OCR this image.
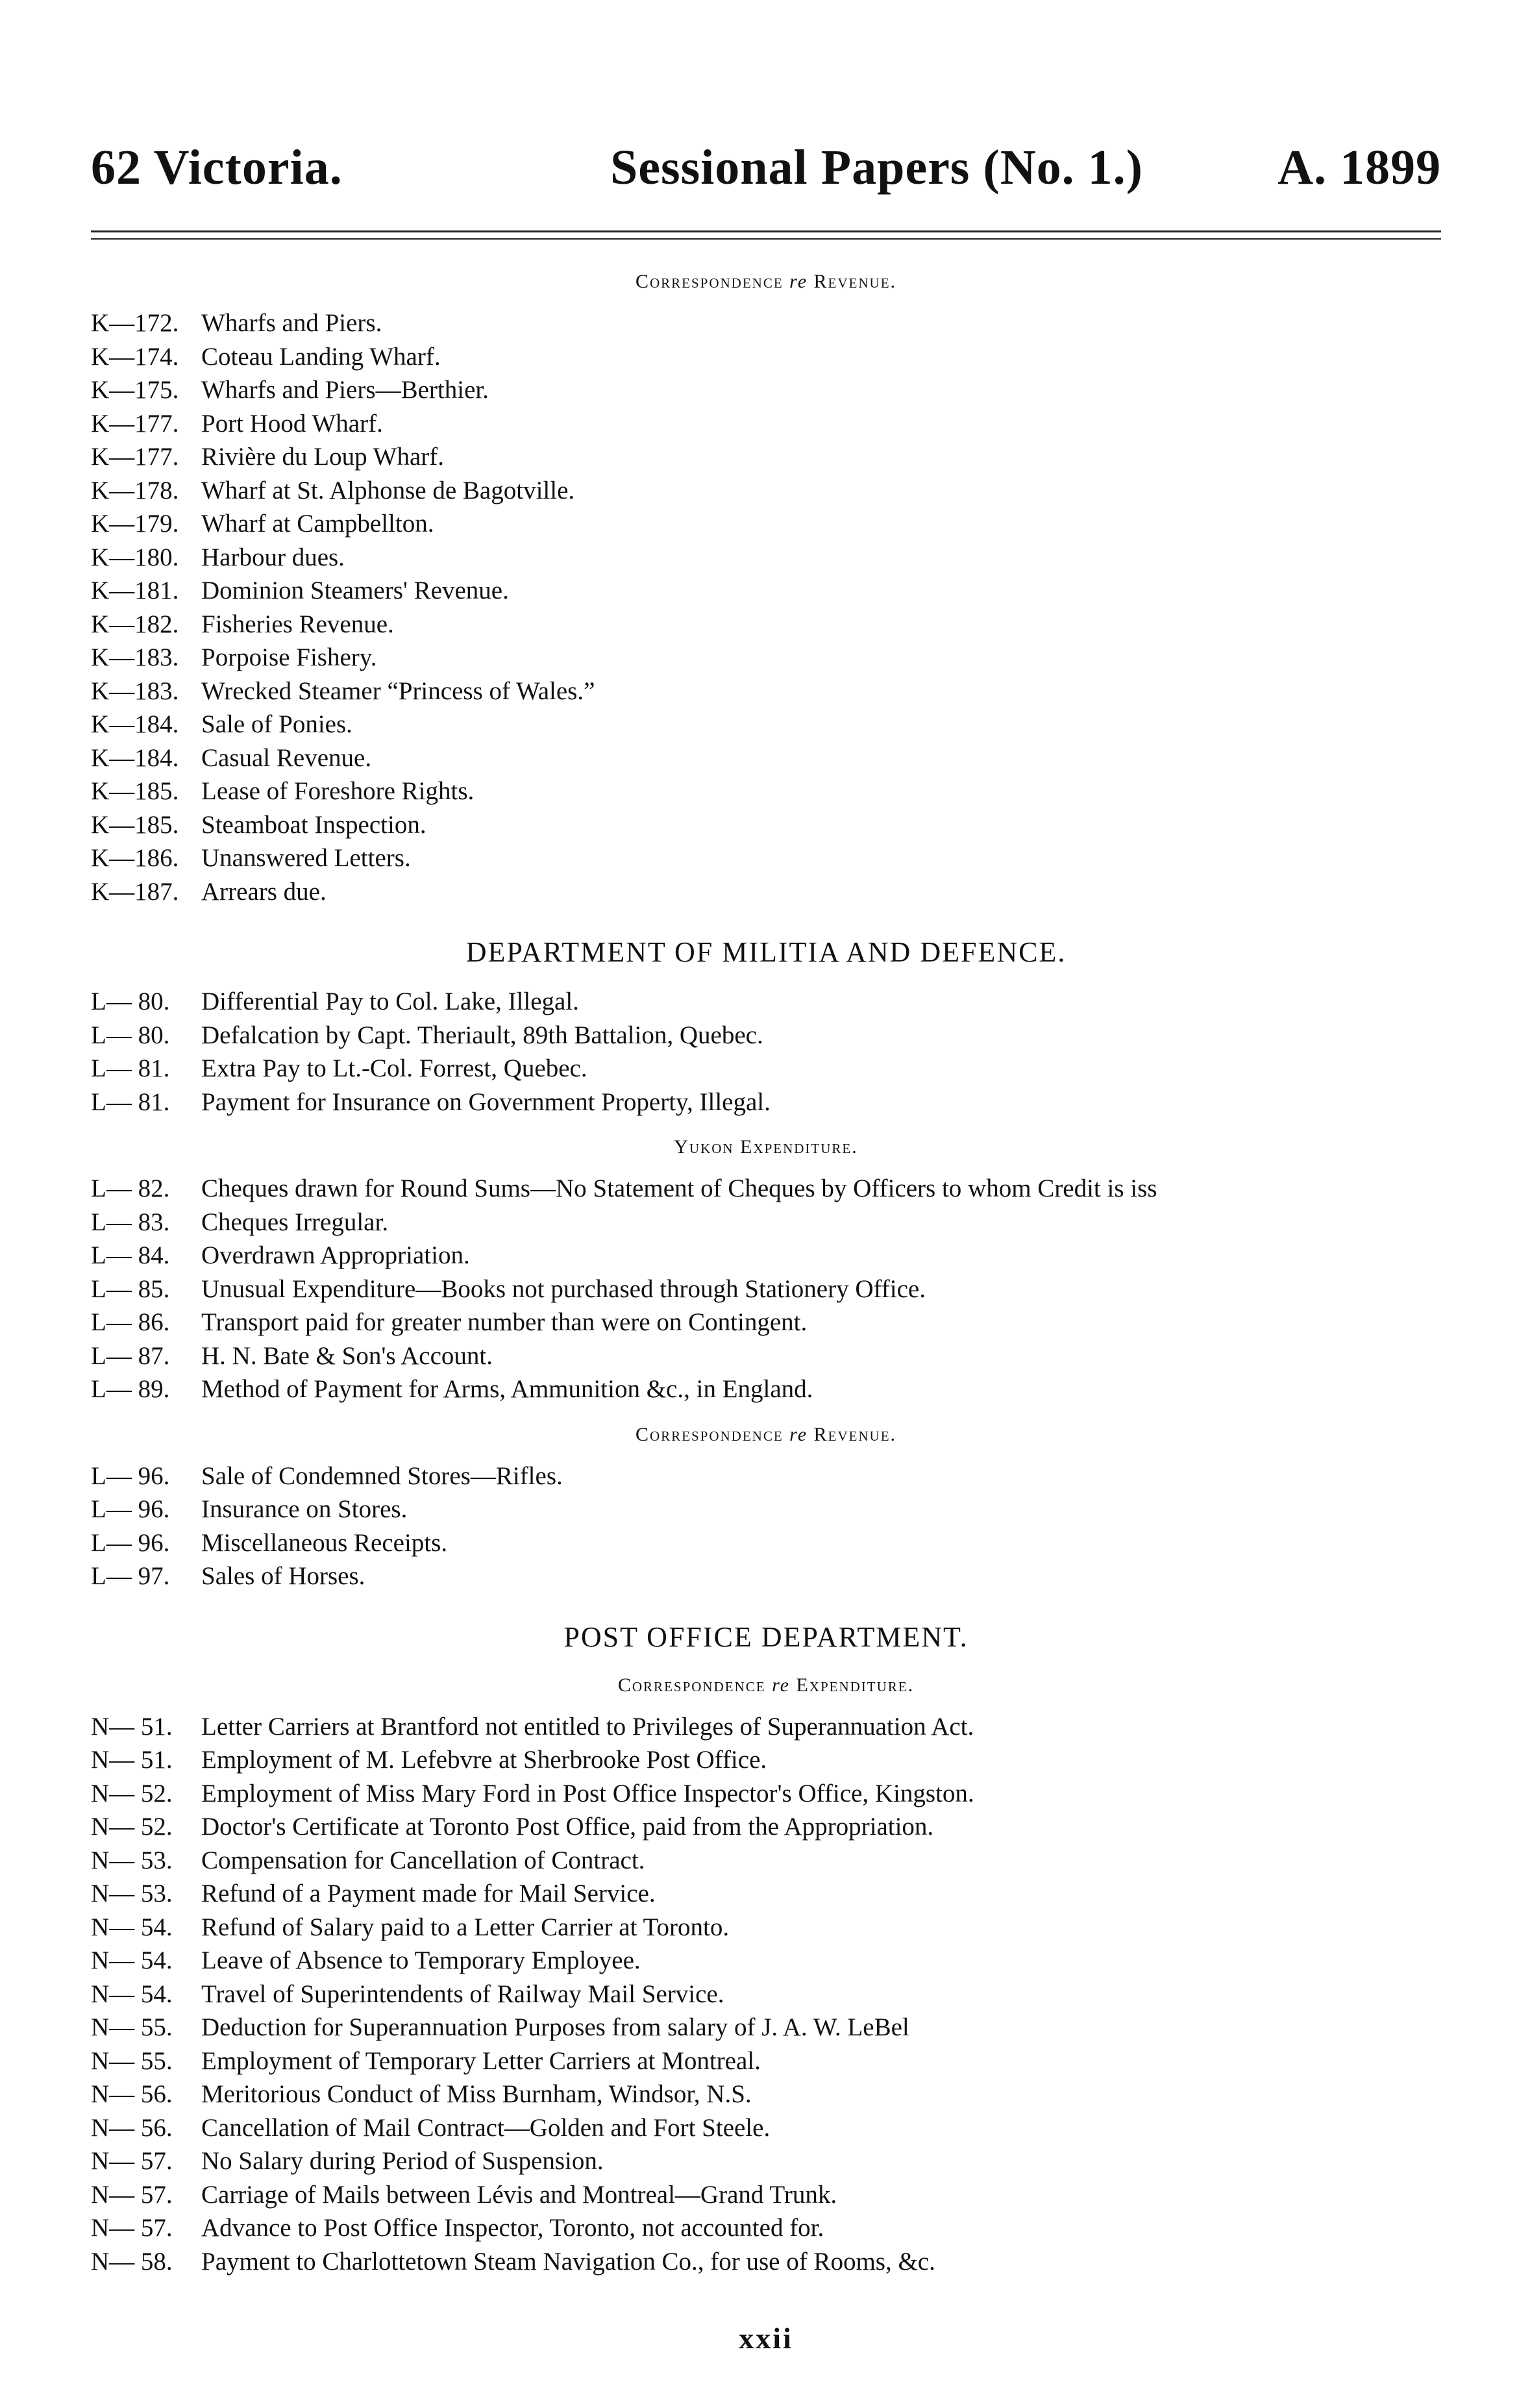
62 Victoria.	Sessional Papers (No. 1.)	A. 1899
Correspondence re Revenue.
K—172. Wharfs and Piers.
K—174. Coteau Landing Wharf.
K—175. Wharfs and Piers—Berthier.
K—177. Port Hood Wharf.
K—177. Rivière du Loup Wharf.
K—178. Wharf at St. Alphonse de Bagotville.
K—179. Wharf at Campbellton.
K—180. Harbour dues.
K—181. Dominion Steamers' Revenue.
K—182. Fisheries Revenue.
K—183. Porpoise Fishery.
K—183. Wrecked Steamer “Princess of Wales.”
K—184. Sale of Ponies.
K—184. Casual Revenue.
K—185. Lease of Foreshore Rights.
K—185. Steamboat Inspection.
K—186. Unanswered Letters.
K—187. Arrears due.
DEPARTMENT OF MILITIA AND DEFENCE.
L— 80.	Differential Pay to Col. Lake, Illegal.
L— 80.	Defalcation by Capt. Theriault, 89th Battalion, Quebec.
L— 81.	Extra Pay to Lt.-Col. Forrest, Quebec.
L— 81.	Payment for Insurance on Government Property, Illegal.
Yukon Expenditure.
L— 82.	Cheques drawn for Round Sums—No Statement of Cheques by Officers to whom Credit is iss
L— 83.	Cheques Irregular.
L— 84.	Overdrawn Appropriation.
L— 85.	Unusual Expenditure—Books not purchased through Stationery Office.
L— 86.	Transport paid for greater number than were on Contingent.
L— 87.	H. N. Bate & Son's Account.
L— 89.	Method of Payment for Arms, Ammunition &c., in England.
Correspondence re Revenue.
L— 96.	Sale of Condemned Stores—Rifles.
L— 96.	Insurance on Stores.
L— 96.	Miscellaneous Receipts.
L— 97.	Sales of Horses.
POST OFFICE DEPARTMENT.
Correspondence re Expenditure.
N— 51.	Letter Carriers at Brantford not entitled to Privileges of Superannuation Act.
N— 51.	Employment of M. Lefebvre at Sherbrooke Post Office.
N— 52.	Employment of Miss Mary Ford in Post Office Inspector's Office, Kingston.
N— 52.	Doctor's Certificate at Toronto Post Office, paid from the Appropriation.
N— 53.	Compensation for Cancellation of Contract.
N— 53.	Refund of a Payment made for Mail Service.
N— 54.	Refund of Salary paid to a Letter Carrier at Toronto.
N— 54.	Leave of Absence to Temporary Employee.
N— 54.	Travel of Superintendents of Railway Mail Service.
N— 55.	Deduction for Superannuation Purposes from salary of J. A. W. LeBel
N— 55.	Employment of Temporary Letter Carriers at Montreal.
N— 56.	Meritorious Conduct of Miss Burnham, Windsor, N.S.
N— 56.	Cancellation of Mail Contract—Golden and Fort Steele.
N— 57.	No Salary during Period of Suspension.
N— 57.	Carriage of Mails between Lévis and Montreal—Grand Trunk.
N— 57.	Advance to Post Office Inspector, Toronto, not accounted for.
N— 58.	Payment to Charlottetown Steam Navigation Co., for use of Rooms, &c.
xxii
